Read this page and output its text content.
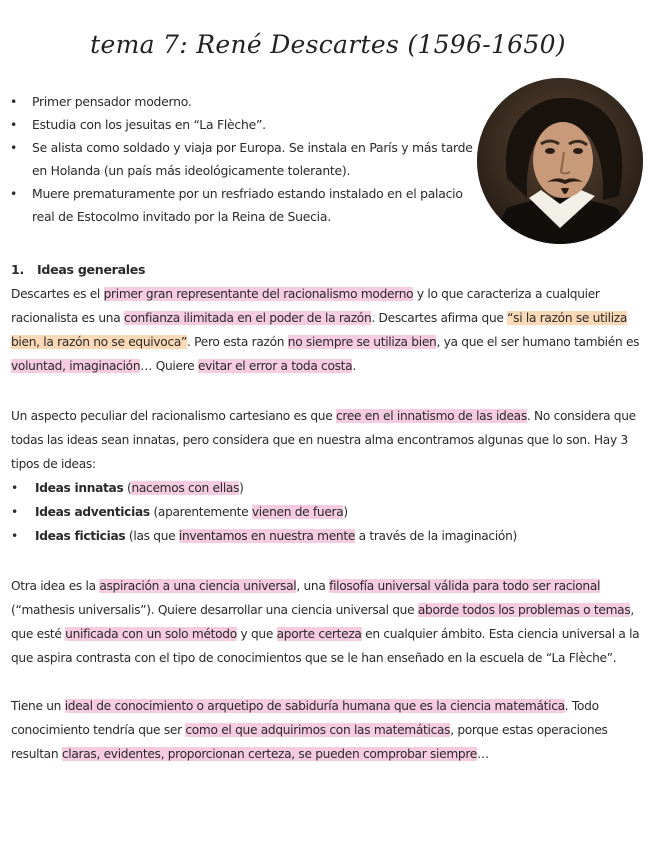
tema 7: René Descartes (1596-1650)
• Primer pensador moderno.
• Estudia con los jesuitas en “La Flèche”.
• Se alista como soldado y viaja por Europa. Se instala en París y más tarde en Holanda (un país más ideológicamente tolerante).
• Muere prematuramente por un resfriado estando instalado en el palacio real de Estocolmo invitado por la Reina de Suecia.
1. Ideas generales
Descartes es el primer gran representante del racionalismo moderno y lo que caracteriza a cualquier racionalista es una confianza ilimitada en el poder de la razón. Descartes afirma que “si la razón se utiliza bien, la razón no se equivoca”. Pero esta razón no siempre se utiliza bien, ya que el ser humano también es voluntad, imaginación… Quiere evitar el error a toda costa.
Un aspecto peculiar del racionalismo cartesiano es que cree en el innatismo de las ideas. No considera que todas las ideas sean innatas, pero considera que en nuestra alma encontramos algunas que lo son. Hay 3 tipos de ideas:
• Ideas innatas (nacemos con ellas)
• Ideas adventicias (aparentemente vienen de fuera)
• Ideas ficticias (las que inventamos en nuestra mente a través de la imaginación)
Otra idea es la aspiración a una ciencia universal, una filosofía universal válida para todo ser racional (“mathesis universalis”). Quiere desarrollar una ciencia universal que aborde todos los problemas o temas, que esté unificada con un solo método y que aporte certeza en cualquier ámbito. Esta ciencia universal a la que aspira contrasta con el tipo de conocimientos que se le han enseñado en la escuela de “La Flèche”.
Tiene un ideal de conocimiento o arquetipo de sabiduría humana que es la ciencia matemática. Todo conocimiento tendría que ser como el que adquirimos con las matemáticas, porque estas operaciones resultan claras, evidentes, proporcionan certeza, se pueden comprobar siempre…
